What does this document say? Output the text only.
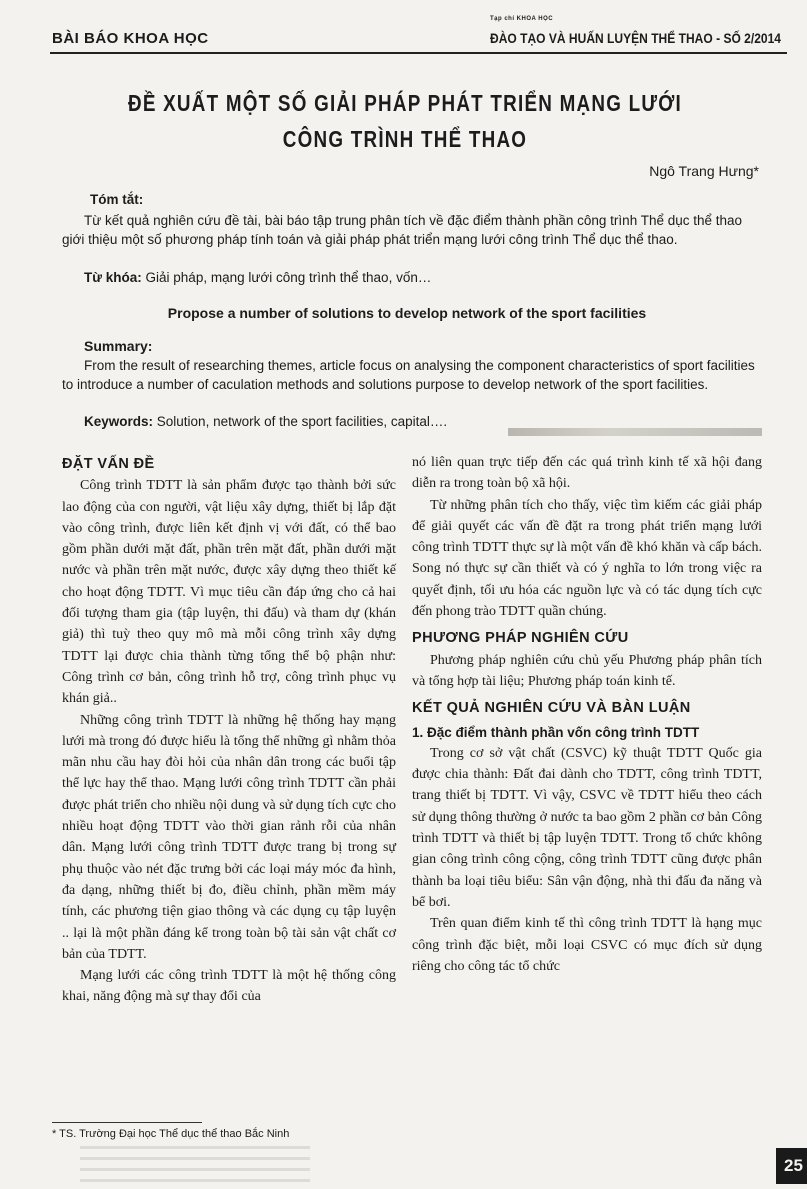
BÀI BÁO KHOA HỌC
Tạp chí KHOA HỌC
ĐÀO TẠO VÀ HUẤN LUYỆN THỂ THAO - SỐ 2/2014
ĐỀ XUẤT MỘT SỐ GIẢI PHÁP PHÁT TRIỂN MẠNG LƯỚI
CÔNG TRÌNH THỂ THAO
Ngô Trang Hưng*
Tóm tắt:

Từ kết quả nghiên cứu đề tài, bài báo tập trung phân tích về đặc điểm thành phần công trình Thể dục thể thao giới thiệu một số phương pháp tính toán và giải pháp phát triển mạng lưới công trình Thể dục thể thao.

Từ khóa: Giải pháp, mạng lưới công trình thể thao, vốn…
Propose a number of solutions to develop network of the sport facilities
Summary:

From the result of researching themes, article focus on analysing the component characteristics of sport facilities to introduce a number of caculation methods and solutions purpose to develop network of the sport facilities.

Keywords: Solution, network of the sport facilities, capital….
ĐẶT VẤN ĐỀ

Công trình TDTT là sản phẩm được tạo thành bởi sức lao động của con người, vật liệu xây dựng, thiết bị lắp đặt vào công trình, được liên kết định vị với đất, có thể bao gồm phần dưới mặt đất, phần trên mặt đất, phần dưới mặt nước và phần trên mặt nước, được xây dựng theo thiết kế cho hoạt động TDTT. Vì mục tiêu cần đáp ứng cho cả hai đối tượng tham gia (tập luyện, thi đấu) và tham dự (khán giả) thì tuỳ theo quy mô mà mỗi công trình xây dựng TDTT lại được chia thành từng tổng thể bộ phận như: Công trình cơ bản, công trình hỗ trợ, công trình phục vụ khán giả..

Những công trình TDTT là những hệ thống hay mạng lưới mà trong đó được hiểu là tổng thể những gì nhằm thỏa mãn nhu cầu hay đòi hỏi của nhân dân trong các buổi tập thể lực hay thể thao. Mạng lưới công trình TDTT cần phải được phát triển cho nhiều nội dung và sử dụng tích cực cho nhiều hoạt động TDTT vào thời gian rảnh rỗi của nhân dân. Mạng lưới công trình TDTT được trang bị trong sự phụ thuộc vào nét đặc trưng bởi các loại máy móc đa hình, đa dạng, những thiết bị đo, điều chỉnh, phần mềm máy tính, các phương tiện giao thông và các dụng cụ tập luyện .. lại là một phần đáng kể trong toàn bộ tài sản vật chất cơ bản của TDTT.

Mạng lưới các công trình TDTT là một hệ thống công khai, năng động mà sự thay đổi của

nó liên quan trực tiếp đến các quá trình kinh tế xã hội đang diễn ra trong toàn bộ xã hội.

Từ những phân tích cho thấy, việc tìm kiếm các giải pháp để giải quyết các vấn đề đặt ra trong phát triển mạng lưới công trình TDTT thực sự là một vấn đề khó khăn và cấp bách. Song nó thực sự cần thiết và có ý nghĩa to lớn trong việc ra quyết định, tối ưu hóa các nguồn lực và có tác dụng tích cực đến phong trào TDTT quần chúng.

PHƯƠNG PHÁP NGHIÊN CỨU

Phương pháp nghiên cứu chủ yếu Phương pháp phân tích và tổng hợp tài liệu; Phương pháp toán kinh tế.

KẾT QUẢ NGHIÊN CỨU VÀ BÀN LUẬN
1. Đặc điểm thành phần vốn công trình TDTT

Trong cơ sở vật chất (CSVC) kỹ thuật TDTT Quốc gia được chia thành: Đất đai dành cho TDTT, công trình TDTT, trang thiết bị TDTT. Vì vậy, CSVC về TDTT hiểu theo cách sử dụng thông thường ở nước ta bao gồm 2 phần cơ bản Công trình TDTT và thiết bị tập luyện TDTT. Trong tổ chức không gian công trình công cộng, công trình TDTT cũng được phân thành ba loại tiêu biểu: Sân vận động, nhà thi đấu đa năng và bể bơi.

Trên quan điểm kinh tế thì công trình TDTT là hạng mục công trình đặc biệt, mỗi loại CSVC có mục đích sử dụng riêng cho công tác tổ chức

* TS. Trường Đại học Thể dục thể thao Bắc Ninh
25
